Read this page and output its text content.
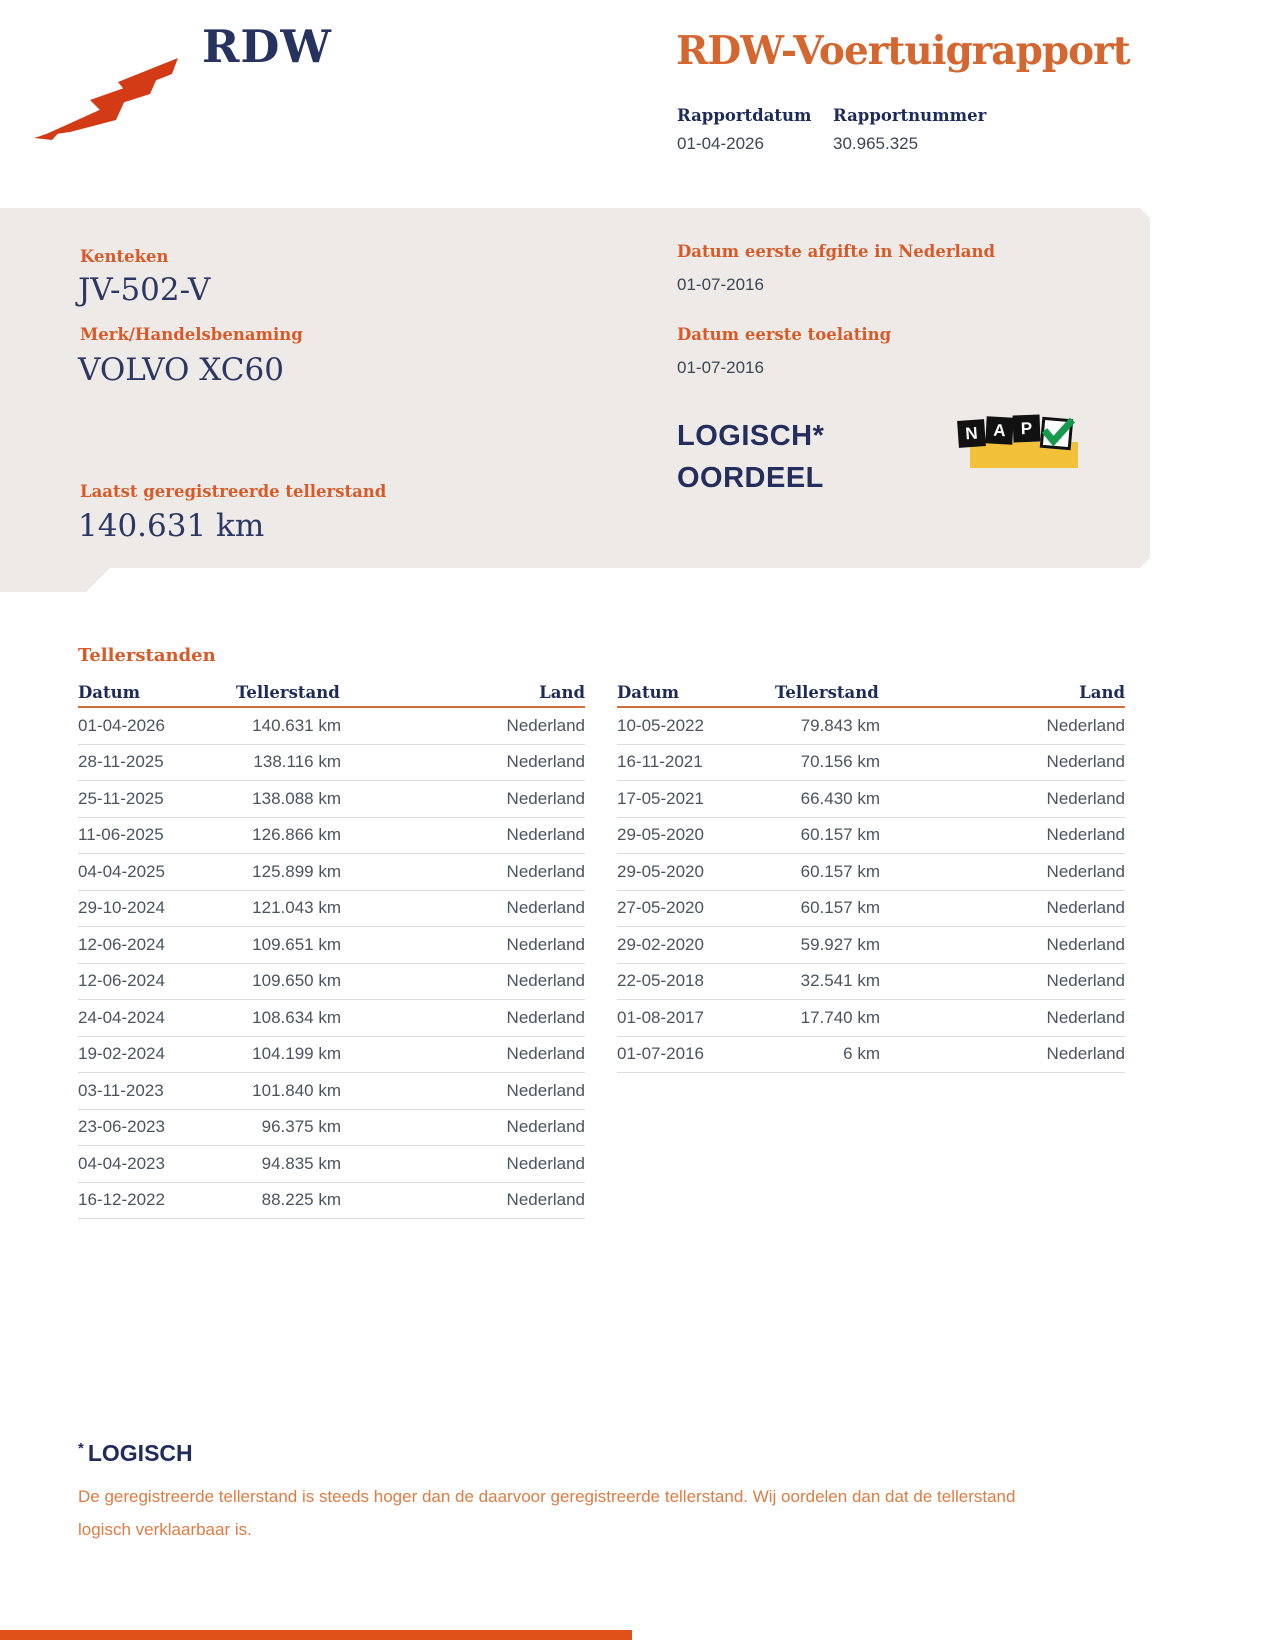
RDW	RDW-Voertuigrapport
Rapportdatum
01-04-2026
Rapportnummer
30.965.325
Kenteken
JV-502-V
Merk/Handelsbenaming
VOLVO XC60
Datum eerste afgifte in Nederland
01-07-2016
Datum eerste toelating
01-07-2016
LOGISCH*
OORDEEL
N A P
Laatst geregistreerde tellerstand
140.631 km
Tellerstanden
Datum	Tellerstand	Land
01-04-2026	140.631 km	Nederland
28-11-2025	138.116 km	Nederland
25-11-2025	138.088 km	Nederland
11-06-2025	126.866 km	Nederland
04-04-2025	125.899 km	Nederland
29-10-2024	121.043 km	Nederland
12-06-2024	109.651 km	Nederland
12-06-2024	109.650 km	Nederland
24-04-2024	108.634 km	Nederland
19-02-2024	104.199 km	Nederland
03-11-2023	101.840 km	Nederland
23-06-2023	96.375 km	Nederland
04-04-2023	94.835 km	Nederland
16-12-2022	88.225 km	Nederland
Datum	Tellerstand	Land
10-05-2022	79.843 km	Nederland
16-11-2021	70.156 km	Nederland
17-05-2021	66.430 km	Nederland
29-05-2020	60.157 km	Nederland
29-05-2020	60.157 km	Nederland
27-05-2020	60.157 km	Nederland
29-02-2020	59.927 km	Nederland
22-05-2018	32.541 km	Nederland
01-08-2017	17.740 km	Nederland
01-07-2016	6 km	Nederland
* LOGISCH
De geregistreerde tellerstand is steeds hoger dan de daarvoor geregistreerde tellerstand. Wij oordelen dan dat de tellerstand logisch verklaarbaar is.
